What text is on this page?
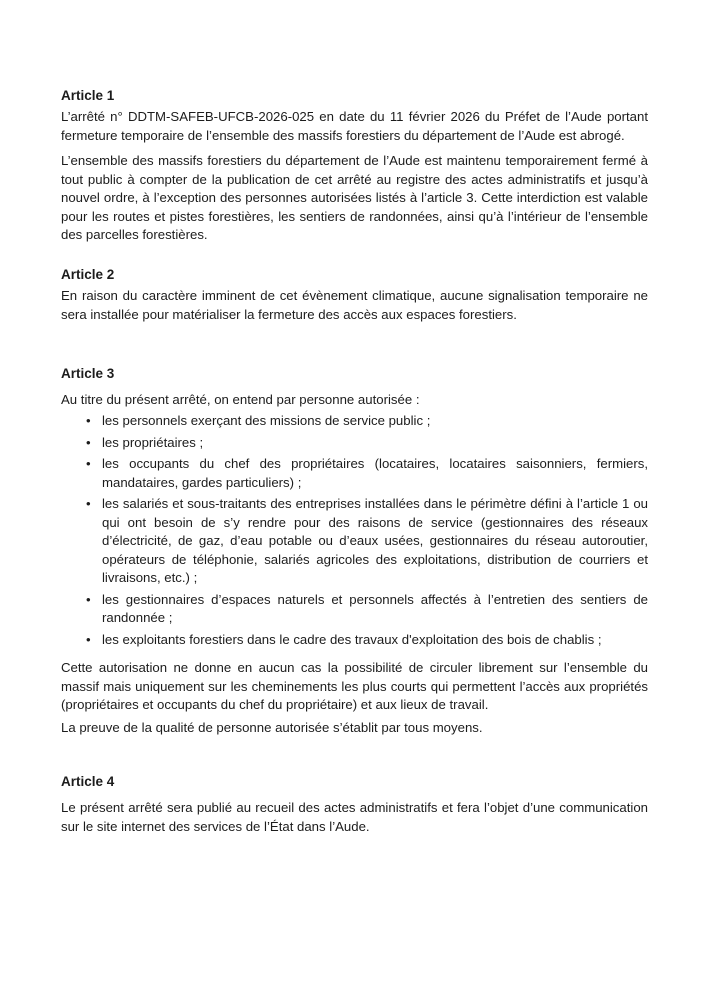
Article 1

L’arrêté n° DDTM-SAFEB-UFCB-2026-025 en date du 11 février 2026 du Préfet de l’Aude portant fermeture temporaire de l’ensemble des massifs forestiers du département de l’Aude est abrogé.

L’ensemble des massifs forestiers du département de l’Aude est maintenu temporairement fermé à tout public à compter de la publication de cet arrêté au registre des actes administratifs et jusqu’à nouvel ordre, à l’exception des personnes autorisées listés à l’article 3. Cette interdiction est valable pour les routes et pistes forestières, les sentiers de randonnées, ainsi qu’à l’intérieur de l’ensemble des parcelles forestières.

Article 2

En raison du caractère imminent de cet évènement climatique, aucune signalisation temporaire ne sera installée pour matérialiser la fermeture des accès aux espaces forestiers.

Article 3

Au titre du présent arrêté, on entend par personne autorisée :

• les personnels exerçant des missions de service public ;
• les propriétaires ;
• les occupants du chef des propriétaires (locataires, locataires saisonniers, fermiers, mandataires, gardes particuliers) ;
• les salariés et sous-traitants des entreprises installées dans le périmètre défini à l’article 1 ou qui ont besoin de s’y rendre pour des raisons de service (gestionnaires des réseaux d’électricité, de gaz, d’eau potable ou d’eaux usées, gestionnaires du réseau autoroutier, opérateurs de téléphonie, salariés agricoles des exploitations, distribution de courriers et livraisons, etc.) ;
• les gestionnaires d’espaces naturels et personnels affectés à l’entretien des sentiers de randonnée ;
• les exploitants forestiers dans le cadre des travaux d'exploitation des bois de chablis ;

Cette autorisation ne donne en aucun cas la possibilité de circuler librement sur l’ensemble du massif mais uniquement sur les cheminements les plus courts qui permettent l’accès aux propriétés (propriétaires et occupants du chef du propriétaire) et aux lieux de travail.

La preuve de la qualité de personne autorisée s’établit par tous moyens.

Article 4

Le présent arrêté sera publié au recueil des actes administratifs et fera l’objet d’une communication sur le site internet des services de l’État dans l’Aude.
